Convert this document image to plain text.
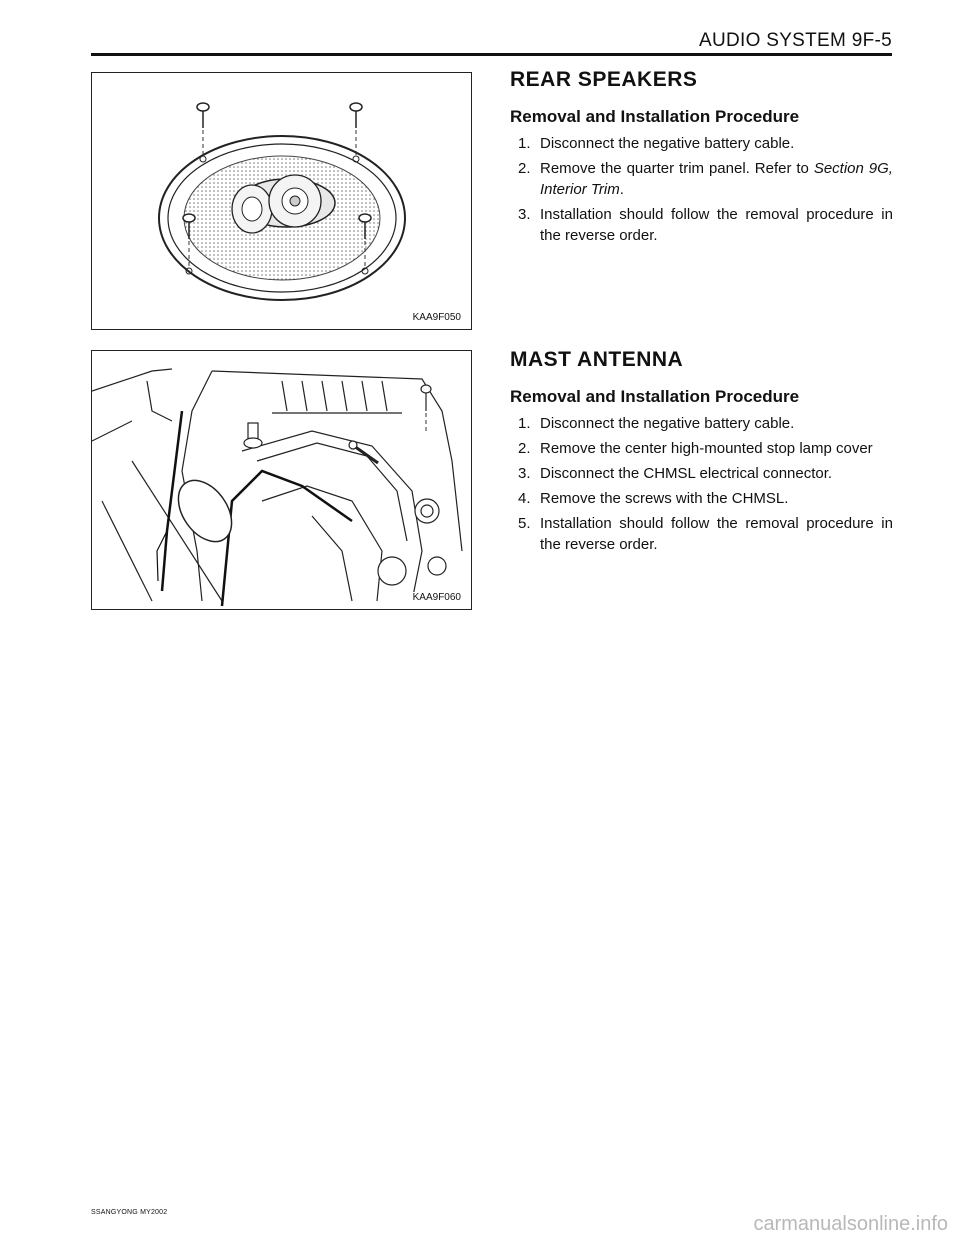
AUDIO SYSTEM 9F-5
KAA9F050
KAA9F060
REAR SPEAKERS
Removal and Installation Procedure
1. Disconnect the negative battery cable.
2. Remove the quarter trim panel. Refer to Section 9G, Interior Trim.
3. Installation should follow the removal procedure in the reverse order.
MAST ANTENNA
Removal and Installation Procedure
1. Disconnect the negative battery cable.
2. Remove the center high-mounted stop lamp cover
3. Disconnect the CHMSL electrical connector.
4. Remove the screws with the CHMSL.
5. Installation should follow the removal procedure in the reverse order.
SSANGYONG MY2002
carmanualsonline.info
